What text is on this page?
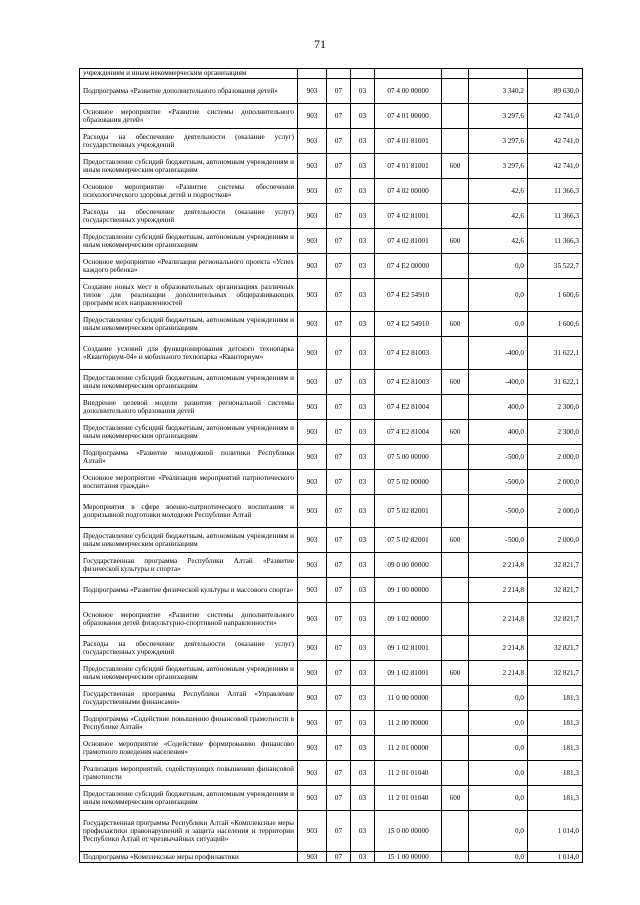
71
учреждениям и иным некоммерческим организациям							
Подпрограмма «Развитие дополнительного образования детей»	903	07	03	07 4 00 00000		3 340,2	89 630,0
Основное мероприятие «Развитие системы дополнительного образования детей»	903	07	03	07 4 01 00000		3 297,6	42 741,0
Расходы на обеспечение деятельности (оказание услуг) государственных учреждений	903	07	03	07 4 01 81001		3 297,6	42 741,0
Предоставление субсидий бюджетным, автономным учреждениям и иным некоммерческим организациям	903	07	03	07 4 01 81001	600	3 297,6	42 741,0
Основное мероприятие «Развитие системы обеспечения психологического здоровья детей и подростков»	903	07	03	07 4 02 00000		42,6	11 366,3
Расходы на обеспечение деятельности (оказание услуг) государственных учреждений	903	07	03	07 4 02 81001		42,6	11 366,3
Предоставление субсидий бюджетным, автономным учреждениям и иным некоммерческим организациям	903	07	03	07 4 02 81001	600	42,6	11 366,3
Основное мероприятие «Реализация регионального проекта «Успех каждого ребенка»	903	07	03	07 4 E2 00000		0,0	35 522,7
Создание новых мест в образовательных организациях различных типов для реализации дополнительных общеразвивающих программ всех направленностей	903	07	03	07 4 E2 54910		0,0	1 600,6
Предоставление субсидий бюджетным, автономным учреждениям и иным некоммерческим организациям	903	07	03	07 4 E2 54910	600	0,0	1 600,6
Создание условий для функционирования детского технопарка «Кванториум-04» и мобильного технопарка «Кванториум»	903	07	03	07 4 E2 81003		-400,0	31 622,1
Предоставление субсидий бюджетным, автономным учреждениям и иным некоммерческим организациям	903	07	03	07 4 E2 81003	600	-400,0	31 622,1
Внедрение целевой модели развития региональной системы дополнительного образования детей	903	07	03	07 4 E2 81004		400,0	2 300,0
Предоставление субсидий бюджетным, автономным учреждениям и иным некоммерческим организациям	903	07	03	07 4 E2 81004	600	400,0	2 300,0
Подпрограмма «Развитие молодежной политики Республики Алтай»	903	07	03	07 5 00 00000		-500,0	2 000,0
Основное мероприятие «Реализация мероприятий патриотического воспитания граждан»	903	07	03	07 5 02 00000		-500,0	2 000,0
Мероприятия в сфере военно-патриотического воспитания и допризывной подготовки молодежи Республики Алтай	903	07	03	07 5 02 82001		-500,0	2 000,0
Предоставление субсидий бюджетным, автономным учреждениям и иным некоммерческим организациям	903	07	03	07 5 02 82001	600	-500,0	2 000,0
Государственная программа Республики Алтай «Развитие физической культуры и спорта»	903	07	03	09 0 00 00000		2 214,8	32 821,7
Подпрограмма «Развитие физической культуры и массового спорта»	903	07	03	09 1 00 00000		2 214,8	32 821,7
Основное мероприятие «Развитие системы дополнительного образования детей физкультурно-спортивной направленности»	903	07	03	09 1 02 00000		2 214,8	32 821,7
Расходы на обеспечение деятельности (оказание услуг) государственных учреждений	903	07	03	09 1 02 81001		2 214,8	32 821,7
Предоставление субсидий бюджетным, автономным учреждениям и иным некоммерческим организациям	903	07	03	09 1 02 81001	600	2 214,8	32 821,7
Государственная программа Республики Алтай «Управление государственными финансами»	903	07	03	11 0 00 00000		0,0	181,3
Подпрограмма «Содействие повышению финансовой грамотности в Республике Алтай»	903	07	03	11 2 00 00000		0,0	181,3
Основное мероприятие «Содействие формированию финансово грамотного поведения населения»	903	07	03	11 2 01 00000		0,0	181,3
Реализация мероприятий, содействующих повышению финансовой грамотности	903	07	03	11 2 01 01040		0,0	181,3
Предоставление субсидий бюджетным, автономным учреждениям и иным некоммерческим организациям	903	07	03	11 2 01 01040	600	0,0	181,3
Государственная программа Республики Алтай «Комплексные меры профилактики правонарушений и защита населения и территории Республики Алтай от чрезвычайных ситуаций»	903	07	03	15 0 00 00000		0,0	1 014,0
Подпрограмма «Комплексные меры профилактики	903	07	03	15 1 00 00000		0,0	1 014,0
